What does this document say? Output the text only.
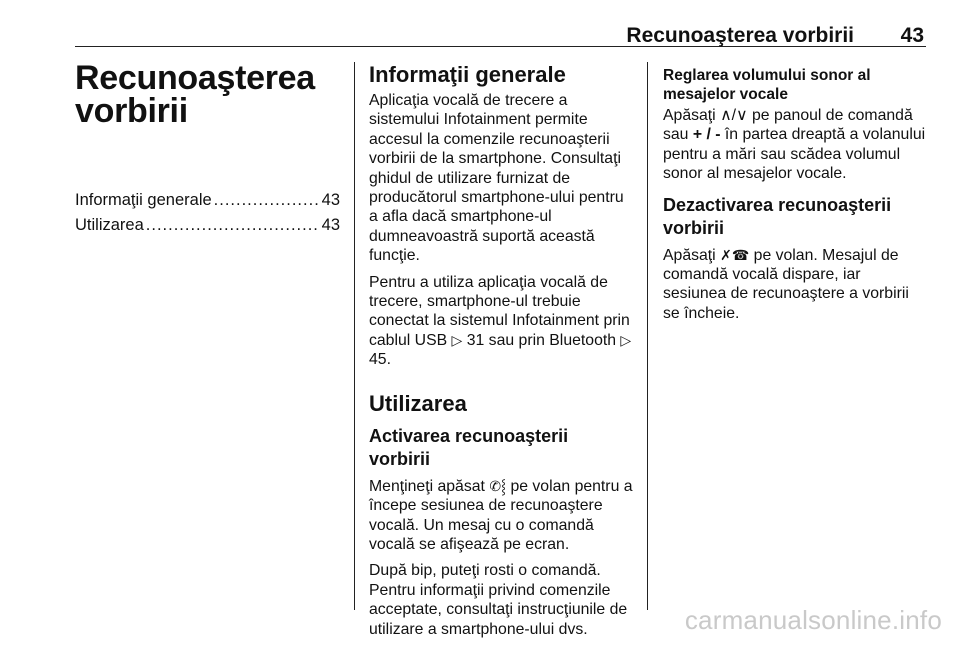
Recunoaşterea vorbirii 43
Recunoaşterea
vorbirii
Informaţii generale .....	43
Utilizarea .....	43
Informaţii generale

Aplicaţia vocală de trecere a sistemului Infotainment permite accesul la comenzile recunoaşterii vorbirii de la smartphone. Consultaţi ghidul de utilizare furnizat de producătorul smartphone-ului pentru a afla dacă smartphone-ul dumneavoastră suportă această funcţie.

Pentru a utiliza aplicaţia vocală de trecere, smartphone-ul trebuie conectat la sistemul Infotainment prin cablul USB ▷ 31 sau prin Bluetooth ▷ 45.

Utilizarea
Activarea recunoaşterii vorbirii

Menţineţi apăsat ✆⸾ pe volan pentru a începe sesiunea de recunoaştere vocală. Un mesaj cu o comandă vocală se afişează pe ecran.

După bip, puteţi rosti o comandă. Pentru informaţii privind comenzile acceptate, consultaţi instrucţiunile de utilizare a smartphone-ului dvs.

Reglarea volumului sonor al mesajelor vocale

Apăsaţi ∧/∨ pe panoul de comandă sau + / - în partea dreaptă a volanului pentru a mări sau scădea volumul sonor al mesajelor vocale.

Dezactivarea recunoaşterii vorbirii

Apăsaţi ✗☎ pe volan. Mesajul de comandă vocală dispare, iar sesiunea de recunoaştere a vorbirii se încheie.

carmanualsonline.info
